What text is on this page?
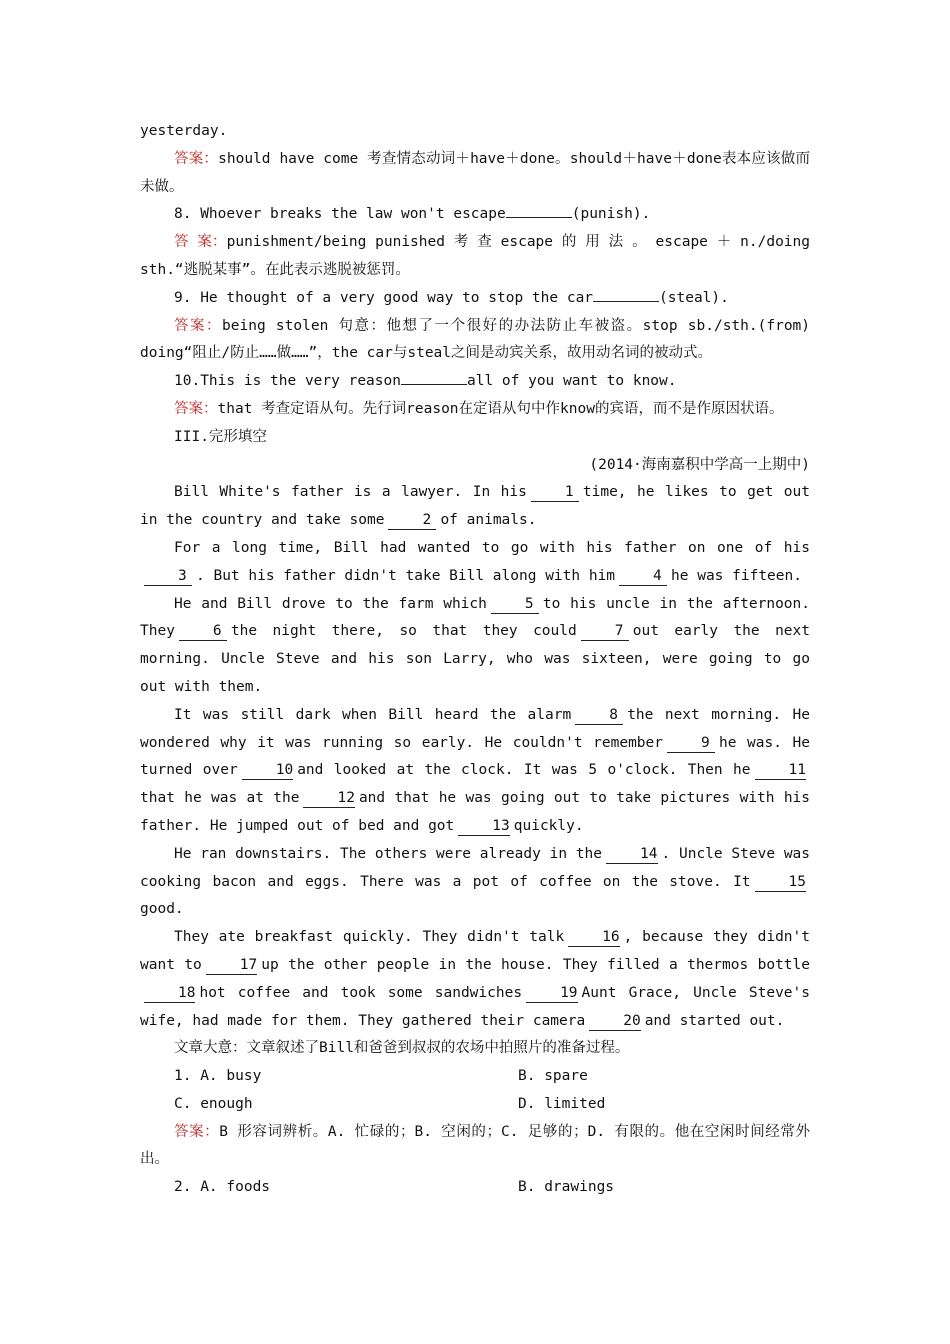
yesterday.

答案：should have come 考查情态动词＋have＋done。should＋have＋done表本应该做而未做。

8. Whoever breaks the law won't escape	(punish).

答 案：punishment/being punished 考 查 escape 的 用 法 。 escape ＋ n./doing sth.“逃脱某事”。在此表示逃脱被惩罚。

9. He thought of a very good way to stop the car	(steal).

答案：being stolen 句意：他想了一个很好的办法防止车被盗。stop sb./sth.(from) doing“阻止/防止……做……”，the car与steal之间是动宾关系，故用动名词的被动式。

10.This is the very reason	all of you want to know.

答案：that 考查定语从句。先行词reason在定语从句中作know的宾语，而不是作原因状语。

III.完形填空

(2014·海南嘉积中学高一上期中)

Bill White's father is a lawyer. In his	1 time, he likes to get out in the country and take some	2 of animals.

For a long time, Bill had wanted to go with his father on one of his3 . But his father didn't take Bill along with him	4 he was fifteen.

He and Bill drove to the farm which	5 to his uncle in the afternoon. They	6 the night there, so that they could	7 out early the next morning. Uncle Steve and his son Larry, who was sixteen, were going to go out with them.

It was still dark when Bill heard the alarm	8 the next morning. He wondered why it was running so early. He couldn't remember	9 he was. He turned over	10 and looked at the clock. It was 5 o'clock. Then he	11that he was at the	12 and that he was going out to take pictures with his father. He jumped out of bed and got	13 quickly.

He ran downstairs. The others were already in the	14 . Uncle Steve was cooking bacon and eggs. There was a pot of coffee on the stove. It	15good.

They ate breakfast quickly. They didn't talk	16 , because they didn't want to	17 up the other people in the house. They filled a thermos bottle18 hot coffee and took some sandwiches	19 Aunt Grace, Uncle Steve's wife, had made for them. They gathered their camera	20 and started out.

文章大意：文章叙述了Bill和爸爸到叔叔的农场中拍照片的准备过程。

1. A. busy	B. spare
C. enough	D. limited

答案：B 形容词辨析。A. 忙碌的；B. 空闲的；C. 足够的；D. 有限的。他在空闲时间经常外出。

2. A. foods	B. drawings
